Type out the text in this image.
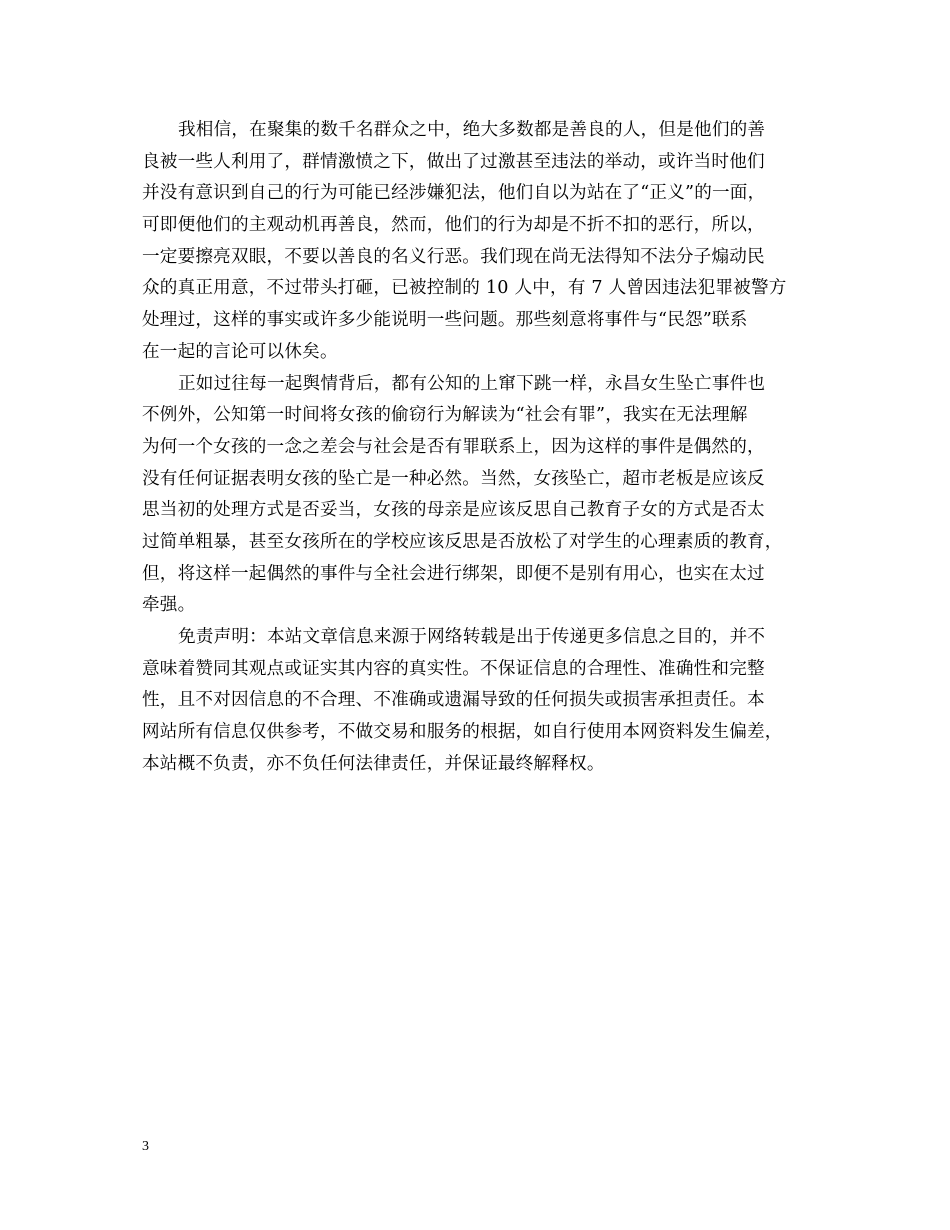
我相信，在聚集的数千名群众之中，绝大多数都是善良的人，但是他们的善
良被一些人利用了，群情激愤之下，做出了过激甚至违法的举动，或许当时他们
并没有意识到自己的行为可能已经涉嫌犯法，他们自以为站在了“正义”的一面，
可即便他们的主观动机再善良，然而，他们的行为却是不折不扣的恶行，所以，
一定要擦亮双眼，不要以善良的名义行恶。我们现在尚无法得知不法分子煽动民
众的真正用意，不过带头打砸，已被控制的 10 人中，有 7 人曾因违法犯罪被警方
处理过，这样的事实或许多少能说明一些问题。那些刻意将事件与“民怨”联系
在一起的言论可以休矣。
正如过往每一起舆情背后，都有公知的上窜下跳一样，永昌女生坠亡事件也
不例外，公知第一时间将女孩的偷窃行为解读为“社会有罪”，我实在无法理解
为何一个女孩的一念之差会与社会是否有罪联系上，因为这样的事件是偶然的，
没有任何证据表明女孩的坠亡是一种必然。当然，女孩坠亡，超市老板是应该反
思当初的处理方式是否妥当，女孩的母亲是应该反思自己教育子女的方式是否太
过简单粗暴，甚至女孩所在的学校应该反思是否放松了对学生的心理素质的教育，
但，将这样一起偶然的事件与全社会进行绑架，即便不是别有用心，也实在太过
牵强。
免责声明：本站文章信息来源于网络转载是出于传递更多信息之目的，并不
意味着赞同其观点或证实其内容的真实性。不保证信息的合理性、准确性和完整
性，且不对因信息的不合理、不准确或遗漏导致的任何损失或损害承担责任。本
网站所有信息仅供参考，不做交易和服务的根据，如自行使用本网资料发生偏差，
本站概不负责，亦不负任何法律责任，并保证最终解释权。
3
